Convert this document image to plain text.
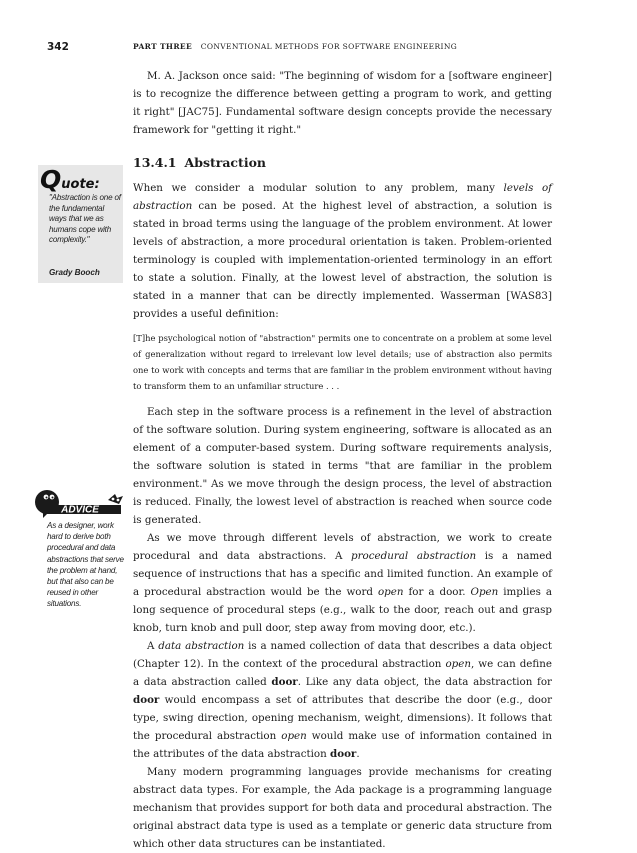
342	PART THREE CONVENTIONAL METHODS FOR SOFTWARE ENGINEERING
Quote:
"Abstraction is one of the fundamental ways that we as humans cope with complexity."
Grady Booch
ADVICE
As a designer, work hard to derive both procedural and data abstractions that serve the problem at hand, but that also can be reused in other situations.

M. A. Jackson once said: "The beginning of wisdom for a [software engineer] is to recognize the difference between getting a program to work, and getting it right" [JAC75]. Fundamental software design concepts provide the necessary framework for "getting it right."

13.4.1 Abstraction

When we consider a modular solution to any problem, many levels of abstraction can be posed. At the highest level of abstraction, a solution is stated in broad terms using the language of the problem environment. At lower levels of abstraction, a more procedural orientation is taken. Problem-oriented terminology is coupled with implementation-oriented terminology in an effort to state a solution. Finally, at the lowest level of abstraction, the solution is stated in a manner that can be directly implemented. Wasserman [WAS83] provides a useful definition:

[T]he psychological notion of "abstraction" permits one to concentrate on a problem at some level of generalization without regard to irrelevant low level details; use of abstraction also permits one to work with concepts and terms that are familiar in the problem environment without having to transform them to an unfamiliar structure . . .

Each step in the software process is a refinement in the level of abstraction of the software solution. During system engineering, software is allocated as an element of a computer-based system. During software requirements analysis, the software solution is stated in terms "that are familiar in the problem environment." As we move through the design process, the level of abstraction is reduced. Finally, the lowest level of abstraction is reached when source code is generated.

As we move through different levels of abstraction, we work to create procedural and data abstractions. A procedural abstraction is a named sequence of instructions that has a specific and limited function. An example of a procedural abstraction would be the word open for a door. Open implies a long sequence of procedural steps (e.g., walk to the door, reach out and grasp knob, turn knob and pull door, step away from moving door, etc.).

A data abstraction is a named collection of data that describes a data object (Chapter 12). In the context of the procedural abstraction open, we can define a data abstraction called door. Like any data object, the data abstraction for door would encompass a set of attributes that describe the door (e.g., door type, swing direction, opening mechanism, weight, dimensions). It follows that the procedural abstraction open would make use of information contained in the attributes of the data abstraction door.

Many modern programming languages provide mechanisms for creating abstract data types. For example, the Ada package is a programming language mechanism that provides support for both data and procedural abstraction. The original abstract data type is used as a template or generic data structure from which other data structures can be instantiated.
